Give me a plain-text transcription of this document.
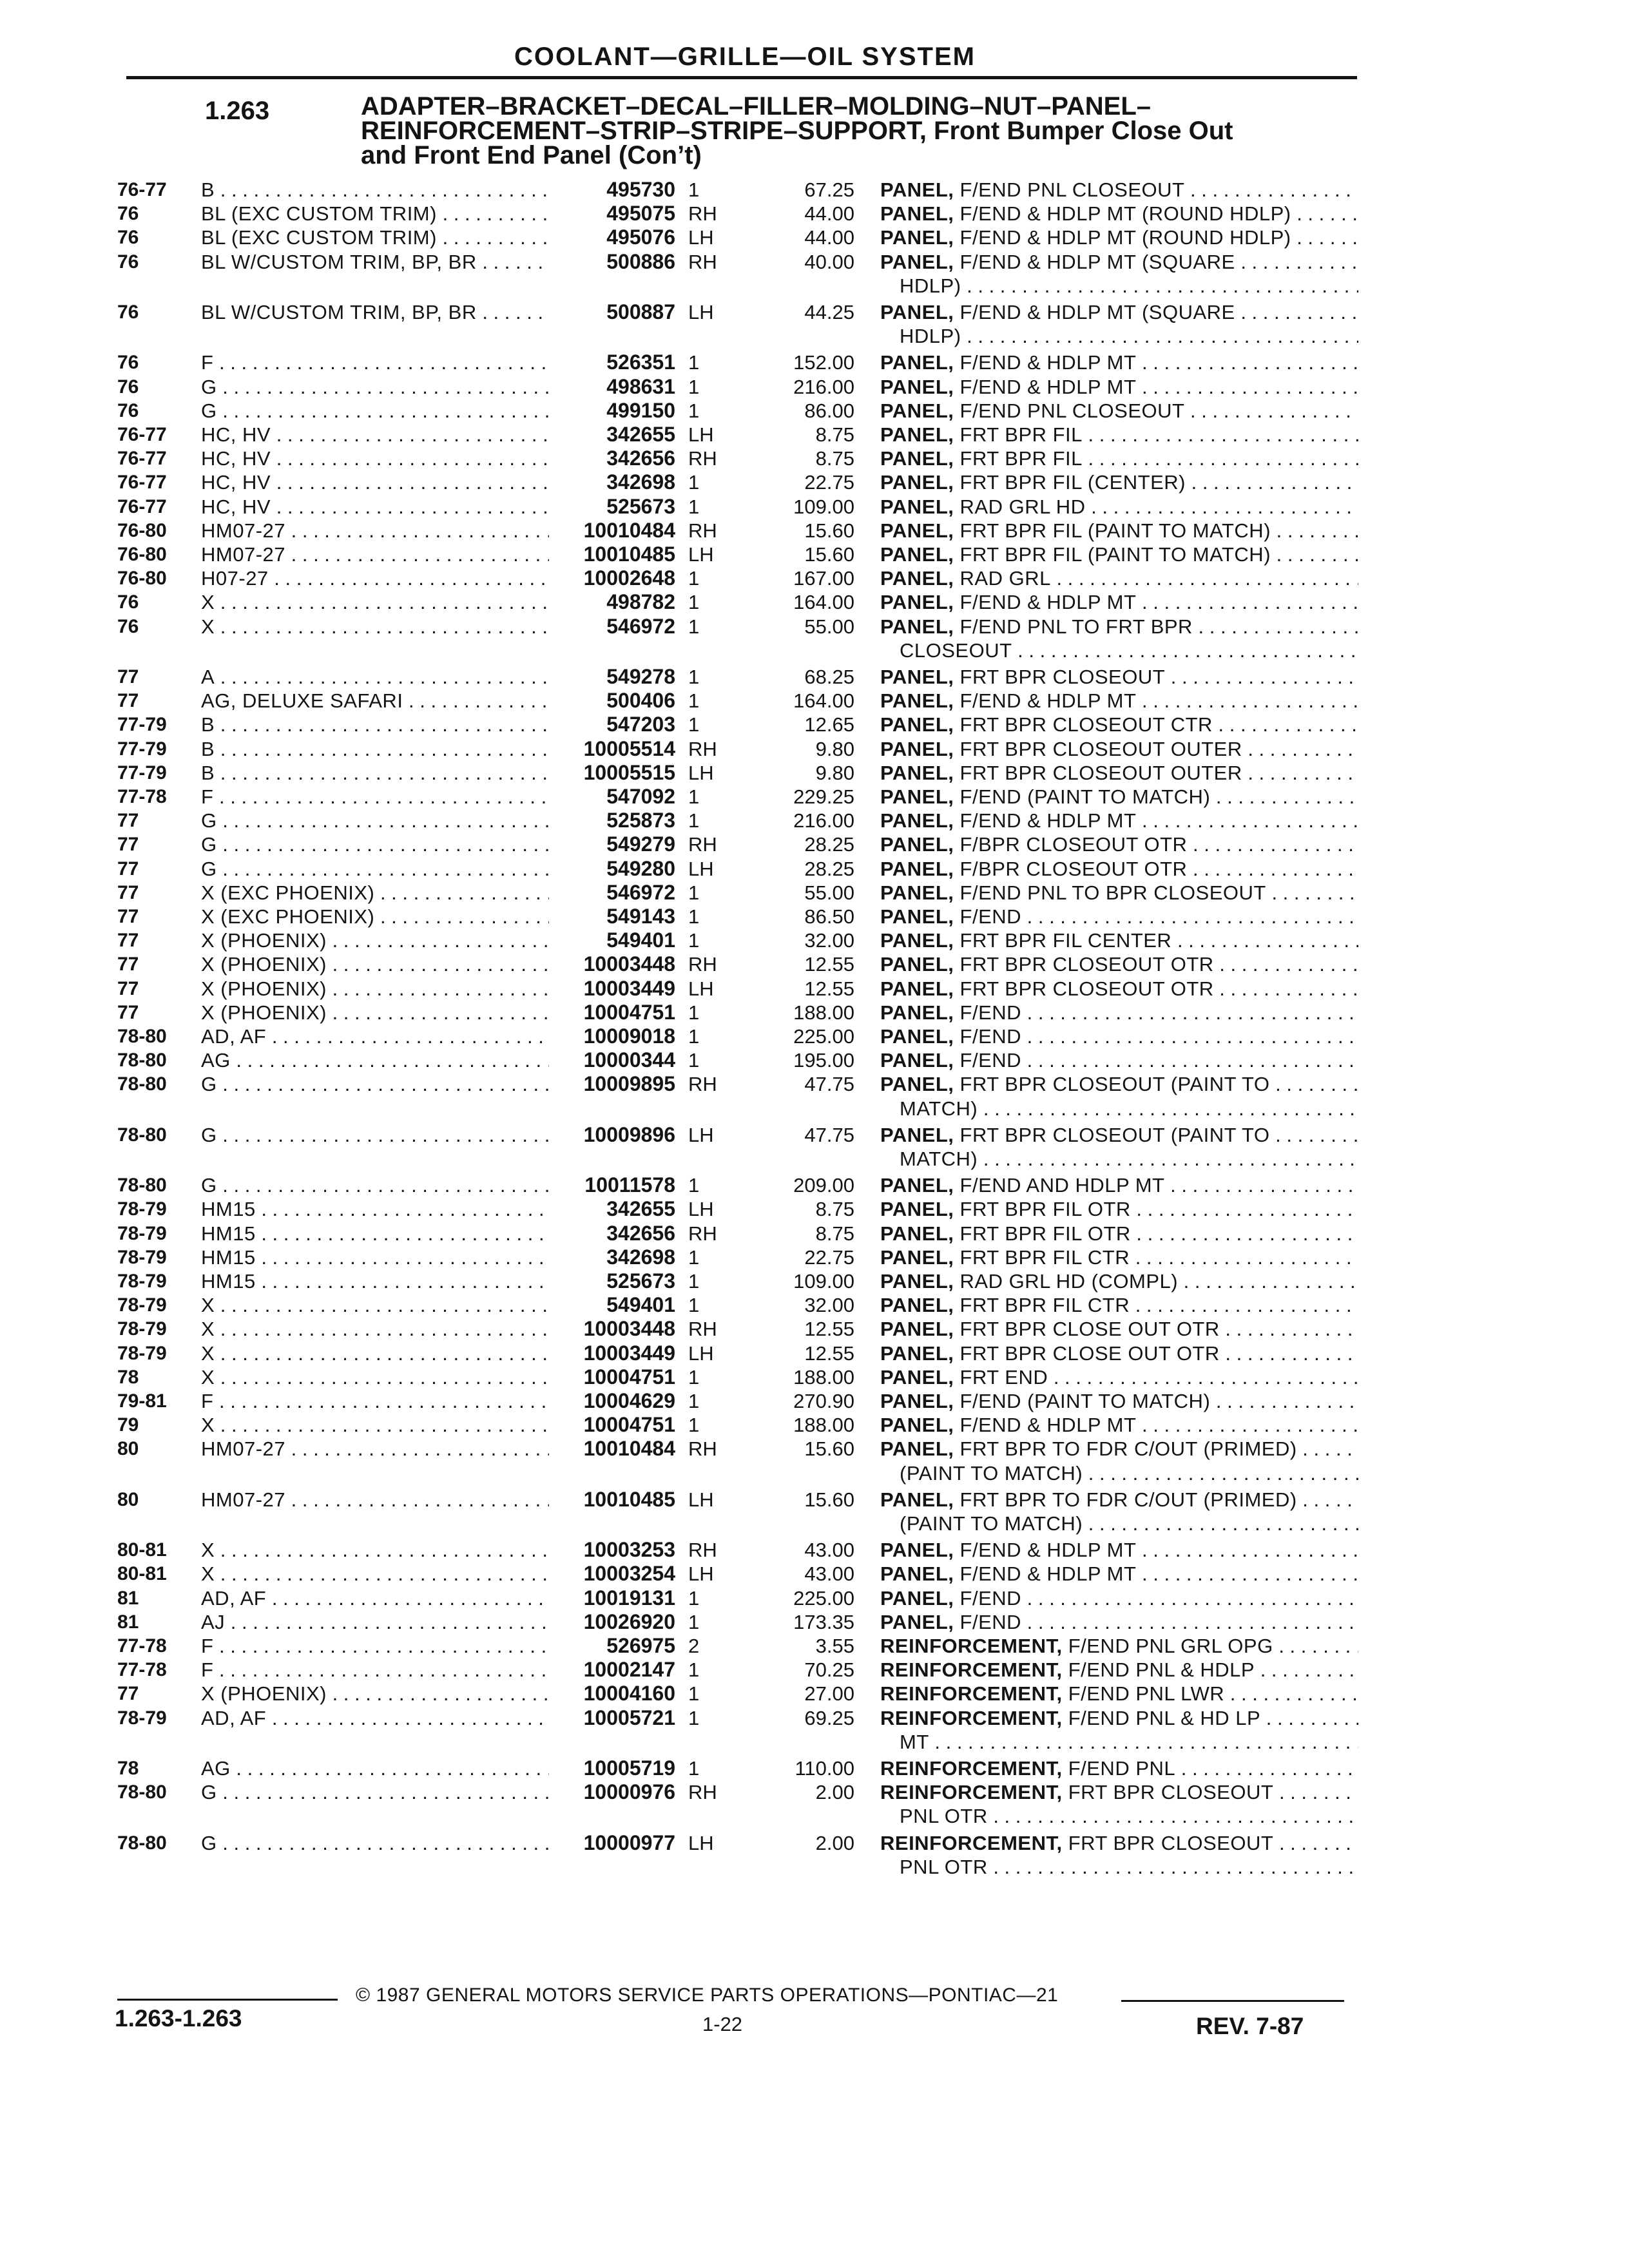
COOLANT—GRILLE—OIL SYSTEM
1.263	ADAPTER–BRACKET–DECAL–FILLER–MOLDING–NUT–PANEL–
REINFORCEMENT–STRIP–STRIPE–SUPPORT, Front Bumper Close Out
and Front End Panel (Con’t)
76-77	B . . .	495730 1	67.25 PANEL, F/END PNL CLOSEOUT . . .
76	BL (EXC CUSTOM TRIM) . . .	495075 RH	44.00 PANEL, F/END & HDLP MT (ROUND HDLP) . . .
76	BL (EXC CUSTOM TRIM) . . .	495076 LH	44.00 PANEL, F/END & HDLP MT (ROUND HDLP) . . .
76	BL W/CUSTOM TRIM, BP, BR . . .	500886 RH	40.00 PANEL, F/END & HDLP MT (SQUARE . . .
HDLP) . . .
76	BL W/CUSTOM TRIM, BP, BR . . .	500887 LH	44.25 PANEL, F/END & HDLP MT (SQUARE . . .
HDLP) . . .
76	F . . .	526351 1	152.00 PANEL, F/END & HDLP MT . . .
76	G . . .	498631 1	216.00 PANEL, F/END & HDLP MT . . .
76	G . . .	499150 1	86.00 PANEL, F/END PNL CLOSEOUT . . .
76-77	HC, HV . . .	342655 LH	8.75 PANEL, FRT BPR FIL . . .
76-77	HC, HV . . .	342656 RH	8.75 PANEL, FRT BPR FIL . . .
76-77	HC, HV . . .	342698 1	22.75 PANEL, FRT BPR FIL (CENTER) . . .
76-77	HC, HV . . .	525673 1	109.00 PANEL, RAD GRL HD . . .
76-80	HM07-27 . . .	10010484 RH	15.60 PANEL, FRT BPR FIL (PAINT TO MATCH) . . .
76-80	HM07-27 . . .	10010485 LH	15.60 PANEL, FRT BPR FIL (PAINT TO MATCH) . . .
76-80	H07-27 . . .	10002648 1	167.00 PANEL, RAD GRL . . .
76	X . . .	498782 1	164.00 PANEL, F/END & HDLP MT . . .
76	X . . .	546972 1	55.00 PANEL, F/END PNL TO FRT BPR . . .
CLOSEOUT . . .
77	A . . .	549278 1	68.25 PANEL, FRT BPR CLOSEOUT . . .
77	AG, DELUXE SAFARI . . .	500406 1	164.00 PANEL, F/END & HDLP MT . . .
77-79	B . . .	547203 1	12.65 PANEL, FRT BPR CLOSEOUT CTR . . .
77-79	B . . .	10005514 RH	9.80 PANEL, FRT BPR CLOSEOUT OUTER . . .
77-79	B . . .	10005515 LH	9.80 PANEL, FRT BPR CLOSEOUT OUTER . . .
77-78	F . . .	547092 1	229.25 PANEL, F/END (PAINT TO MATCH) . . .
77	G . . .	525873 1	216.00 PANEL, F/END & HDLP MT . . .
77	G . . .	549279 RH	28.25 PANEL, F/BPR CLOSEOUT OTR . . .
77	G . . .	549280 LH	28.25 PANEL, F/BPR CLOSEOUT OTR . . .
77	X (EXC PHOENIX) . . .	546972 1	55.00 PANEL, F/END PNL TO BPR CLOSEOUT . . .
77	X (EXC PHOENIX) . . .	549143 1	86.50 PANEL, F/END . . .
77	X (PHOENIX) . . .	549401 1	32.00 PANEL, FRT BPR FIL CENTER . . .
77	X (PHOENIX) . . .	10003448 RH	12.55 PANEL, FRT BPR CLOSEOUT OTR . . .
77	X (PHOENIX) . . .	10003449 LH	12.55 PANEL, FRT BPR CLOSEOUT OTR . . .
77	X (PHOENIX) . . .	10004751 1	188.00 PANEL, F/END . . .
78-80	AD, AF . . .	10009018 1	225.00 PANEL, F/END . . .
78-80	AG . . .	10000344 1	195.00 PANEL, F/END . . .
78-80	G . . .	10009895 RH	47.75 PANEL, FRT BPR CLOSEOUT (PAINT TO . . .
MATCH) . . .
78-80	G . . .	10009896 LH	47.75 PANEL, FRT BPR CLOSEOUT (PAINT TO . . .
MATCH) . . .
78-80	G . . .	10011578 1	209.00 PANEL, F/END AND HDLP MT . . .
78-79	HM15 . . .	342655 LH	8.75 PANEL, FRT BPR FIL OTR . . .
78-79	HM15 . . .	342656 RH	8.75 PANEL, FRT BPR FIL OTR . . .
78-79	HM15 . . .	342698 1	22.75 PANEL, FRT BPR FIL CTR . . .
78-79	HM15 . . .	525673 1	109.00 PANEL, RAD GRL HD (COMPL) . . .
78-79	X . . .	549401 1	32.00 PANEL, FRT BPR FIL CTR . . .
78-79	X . . .	10003448 RH	12.55 PANEL, FRT BPR CLOSE OUT OTR . . .
78-79	X . . .	10003449 LH	12.55 PANEL, FRT BPR CLOSE OUT OTR . . .
78	X . . .	10004751 1	188.00 PANEL, FRT END . . .
79-81	F . . .	10004629 1	270.90 PANEL, F/END (PAINT TO MATCH) . . .
79	X . . .	10004751 1	188.00 PANEL, F/END & HDLP MT . . .
80	HM07-27 . . .	10010484 RH	15.60 PANEL, FRT BPR TO FDR C/OUT (PRIMED) . . .
(PAINT TO MATCH) . . .
80	HM07-27 . . .	10010485 LH	15.60 PANEL, FRT BPR TO FDR C/OUT (PRIMED) . . .
(PAINT TO MATCH) . . .
80-81	X . . .	10003253 RH	43.00 PANEL, F/END & HDLP MT . . .
80-81	X . . .	10003254 LH	43.00 PANEL, F/END & HDLP MT . . .
81	AD, AF . . .	10019131 1	225.00 PANEL, F/END . . .
81	AJ . . .	10026920 1	173.35 PANEL, F/END . . .
77-78	F . . .	526975 2	3.55 REINFORCEMENT, F/END PNL GRL OPG . . .
77-78	F . . .	10002147 1	70.25 REINFORCEMENT, F/END PNL & HDLP . . .
77	X (PHOENIX) . . .	10004160 1	27.00 REINFORCEMENT, F/END PNL LWR . . .
78-79	AD, AF . . .	10005721 1	69.25 REINFORCEMENT, F/END PNL & HD LP . . .
MT . . .
78	AG . . .	10005719 1	110.00 REINFORCEMENT, F/END PNL . . .
78-80	G . . .	10000976 RH	2.00 REINFORCEMENT, FRT BPR CLOSEOUT . . .
PNL OTR . . .
78-80	G . . .	10000977 LH	2.00 REINFORCEMENT, FRT BPR CLOSEOUT . . .
PNL OTR . . .
1.263-1.263
© 1987 GENERAL MOTORS SERVICE PARTS OPERATIONS—PONTIAC—21
1-22	REV. 7-87
